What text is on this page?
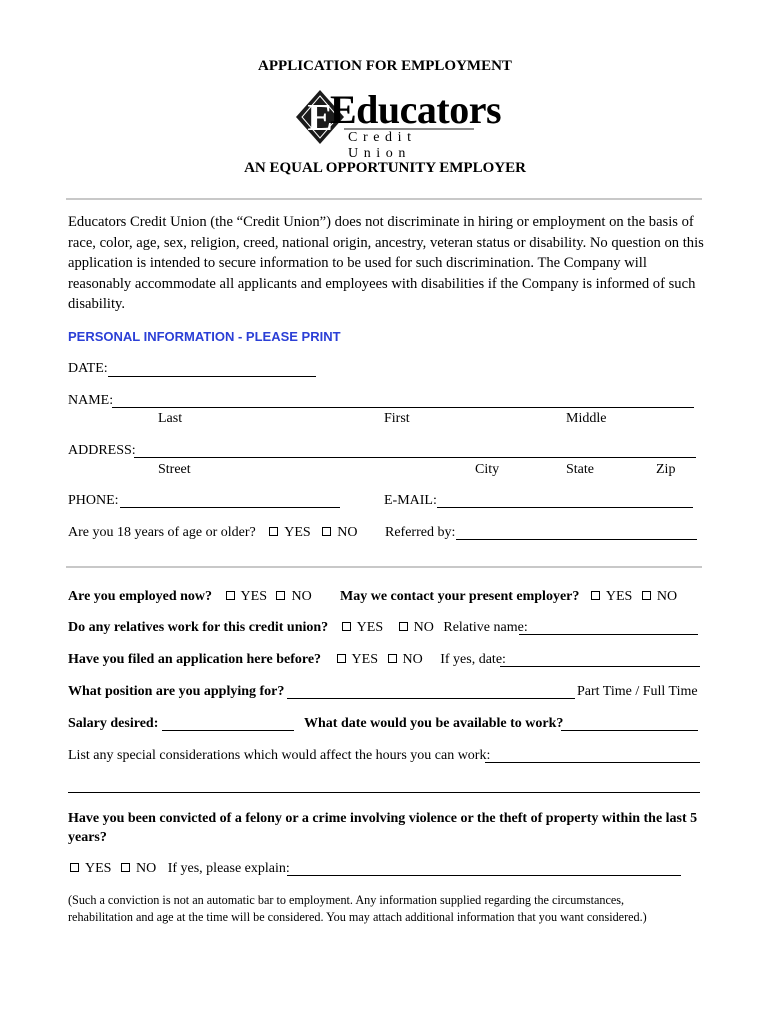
APPLICATION FOR EMPLOYMENT
E
Educators
Credit Union
AN EQUAL OPPORTUNITY EMPLOYER
Educators Credit Union (the “Credit Union”) does not discriminate in hiring or employment on the basis of race, color, age, sex, religion, creed, national origin, ancestry, veteran status or disability. No question on this application is intended to secure information to be used for such discrimination. The Company will reasonably accommodate all applicants and employees with disabilities if the Company is informed of such disability.
PERSONAL INFORMATION - PLEASE PRINT
DATE:
NAME:
Last	First	Middle
ADDRESS:
Street	City	State	Zip
PHONE:	E-MAIL:
Are you 18 years of age or older? YES NO Referred by:
Are you employed now? YES NO May we contact your present employer? YES NO
Do any relatives work for this credit union? YES NO Relative name:
Have you filed an application here before? YES NO If yes, date:
What position are you applying for?	Part Time / Full Time
Salary desired:	What date would you be available to work?
List any special considerations which would affect the hours you can work:
Have you been convicted of a felony or a crime involving violence or the theft of property within the last 5
years?
YES NO If yes, please explain:
(Such a conviction is not an automatic bar to employment. Any information supplied regarding the circumstances,
rehabilitation and age at the time will be considered. You may attach additional information that you want considered.)
